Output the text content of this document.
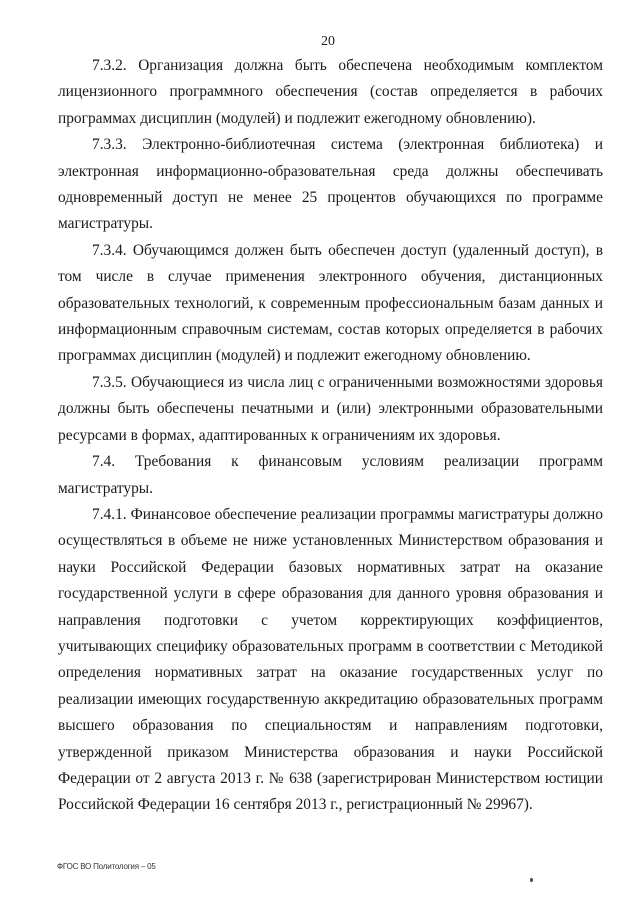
20

7.3.2. Организация должна быть обеспечена необходимым комплектом лицензионного программного обеспечения (состав определяется в рабочих программах дисциплин (модулей) и подлежит ежегодному обновлению).

7.3.3. Электронно-библиотечная система (электронная библиотека) и электронная информационно-образовательная среда должны обеспечивать одновременный доступ не менее 25 процентов обучающихся по программе магистратуры.

7.3.4. Обучающимся должен быть обеспечен доступ (удаленный доступ), в том числе в случае применения электронного обучения, дистанционных образовательных технологий, к современным профессиональным базам данных и информационным справочным системам, состав которых определяется в рабочих программах дисциплин (модулей) и подлежит ежегодному обновлению.

7.3.5. Обучающиеся из числа лиц с ограниченными возможностями здоровья должны быть обеспечены печатными и (или) электронными образовательными ресурсами в формах, адаптированных к ограничениям их здоровья.

7.4. Требования к финансовым условиям реализации программ магистратуры.

7.4.1. Финансовое обеспечение реализации программы магистратуры должно осуществляться в объеме не ниже установленных Министерством образования и науки Российской Федерации базовых нормативных затрат на оказание государственной услуги в сфере образования для данного уровня образования и направления подготовки с учетом корректирующих коэффициентов, учитывающих специфику образовательных программ в соответствии с Методикой определения нормативных затрат на оказание государственных услуг по реализации имеющих государственную аккредитацию образовательных программ высшего образования по специальностям и направлениям подготовки, утвержденной приказом Министерства образования и науки Российской Федерации от 2 августа 2013 г. № 638 (зарегистрирован Министерством юстиции Российской Федерации 16 сентября 2013 г., регистрационный № 29967).

ФГОС ВО Политология – 05
